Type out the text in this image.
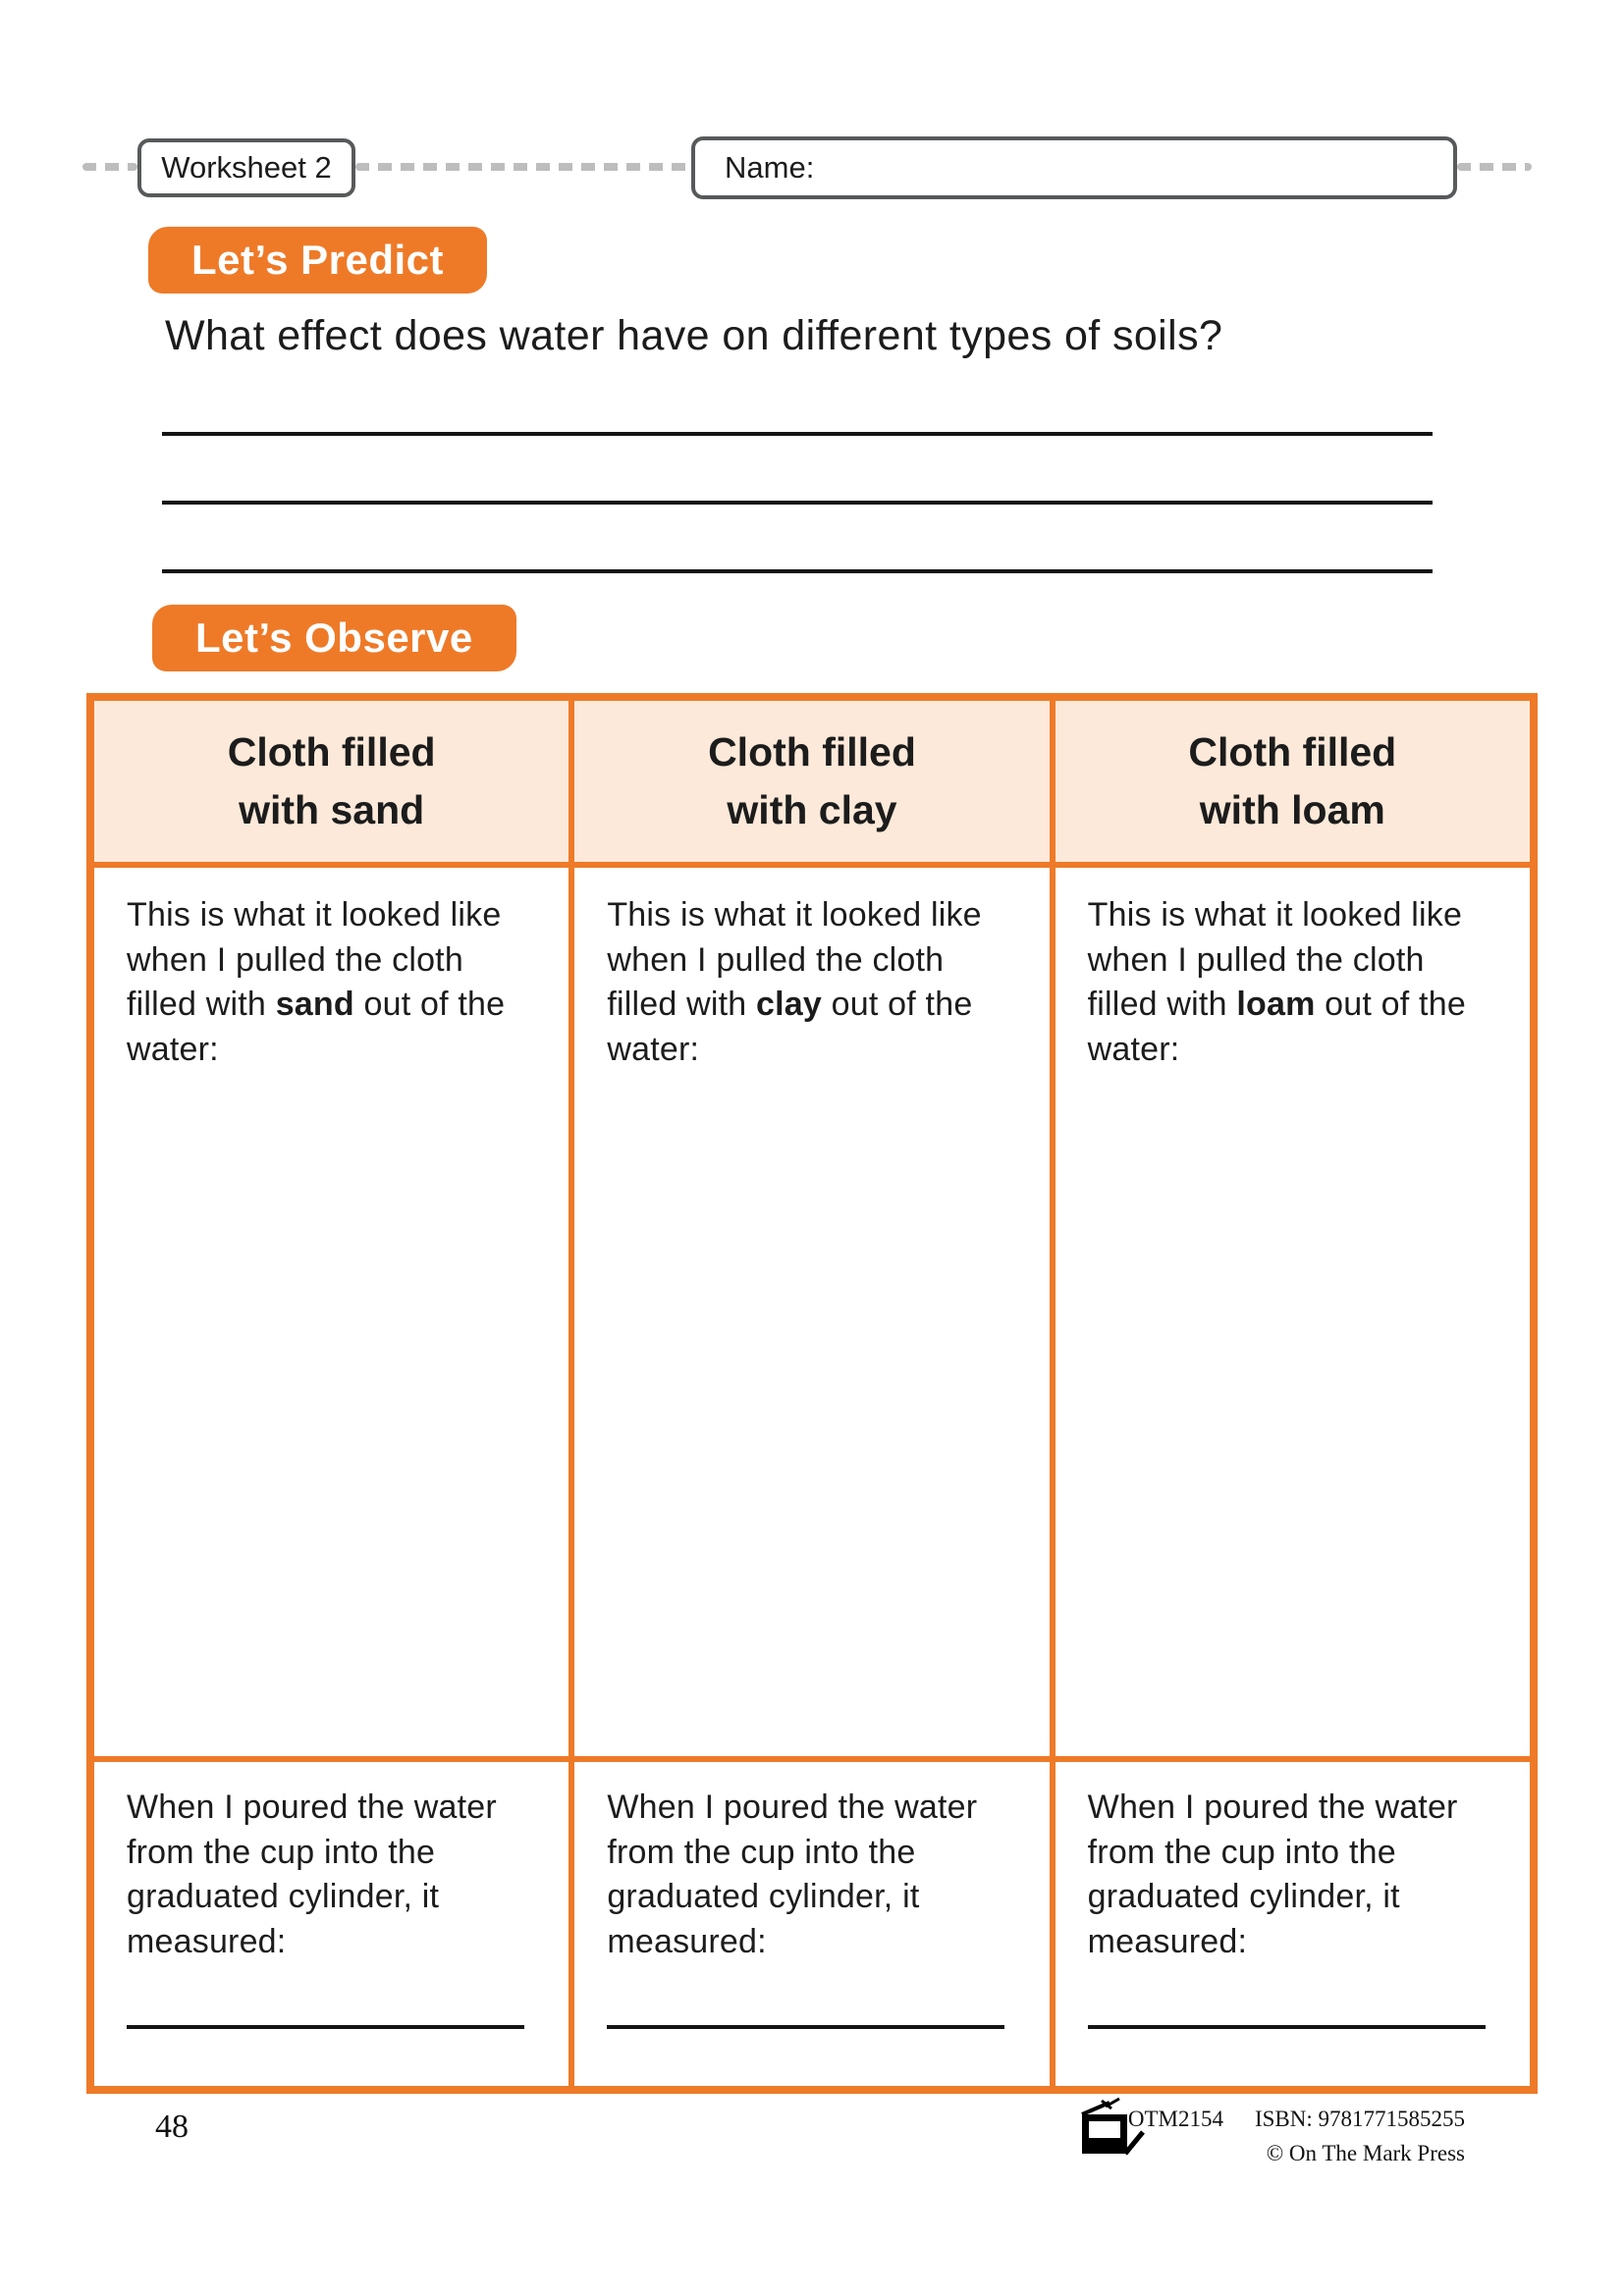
Worksheet 2	Name:
Let’s Predict
What effect does water have on different types of soils?
Let’s Observe
Cloth filled
with sand
Cloth filled
with clay
Cloth filled
with loam

This is what it looked like when I pulled the cloth filled with sand out of the water:

This is what it looked like when I pulled the cloth filled with clay out of the water:

This is what it looked like when I pulled the cloth filled with loam out of the water:

When I poured the water from the cup into the graduated cylinder, it measured:

When I poured the water from the cup into the graduated cylinder, it measured:

When I poured the water from the cup into the graduated cylinder, it measured:

48	OTM2154 ISBN: 9781771585255
© On The Mark Press
